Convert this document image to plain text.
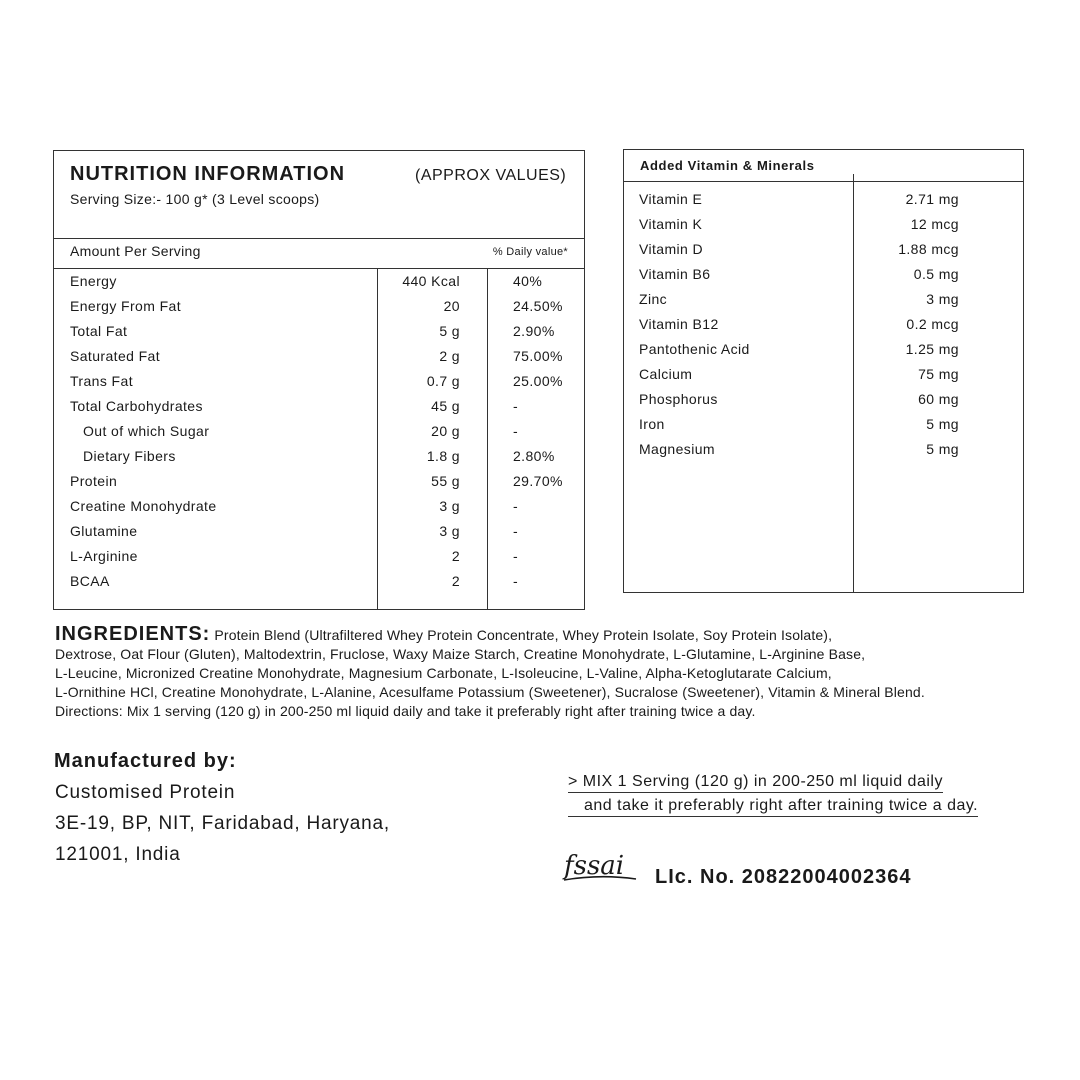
NUTRITION INFORMATION	(APPROX VALUES)
Serving Size:- 100 g* (3 Level scoops)
Amount Per Serving	% Daily value*
Energy	440 Kcal	40%
Energy From Fat	20	24.50%
Total Fat	5 g	2.90%
Saturated Fat	2 g	75.00%
Trans Fat	0.7 g	25.00%
Total Carbohydrates	45 g	-
Out of which Sugar	20 g	-
Dietary Fibers	1.8 g	2.80%
Protein	55 g	29.70%
Creatine Monohydrate	3 g	-
Glutamine	3 g	-
L-Arginine	2	-
BCAA	2	-
Added Vitamin & Minerals
Vitamin E	2.71 mg
Vitamin K	12 mcg
Vitamin D	1.88 mcg
Vitamin B6	0.5 mg
Zinc	3 mg
Vitamin B12	0.2 mcg
Pantothenic Acid	1.25 mg
Calcium	75 mg
Phosphorus	60 mg
Iron	5 mg
Magnesium	5 mg
INGREDIENTS: Protein Blend (Ultrafiltered Whey Protein Concentrate, Whey Protein Isolate, Soy Protein Isolate),
Dextrose, Oat Flour (Gluten), Maltodextrin, Fruclose, Waxy Maize Starch, Creatine Monohydrate, L-Glutamine, L-Arginine Base,
L-Leucine, Micronized Creatine Monohydrate, Magnesium Carbonate, L-Isoleucine, L-Valine, Alpha-Ketoglutarate Calcium,
L-Ornithine HCl, Creatine Monohydrate, L-Alanine, Acesulfame Potassium (Sweetener), Sucralose (Sweetener), Vitamin & Mineral Blend.
Directions: Mix 1 serving (120 g) in 200-250 ml liquid daily and take it preferably right after training twice a day.
Manufactured by:
Customised Protein
3E-19, BP, NIT, Faridabad, Haryana,
121001, India
> MIX 1 Serving (120 g) in 200-250 ml liquid daily
and take it preferably right after training twice a day.
fssai LIc. No. 20822004002364
